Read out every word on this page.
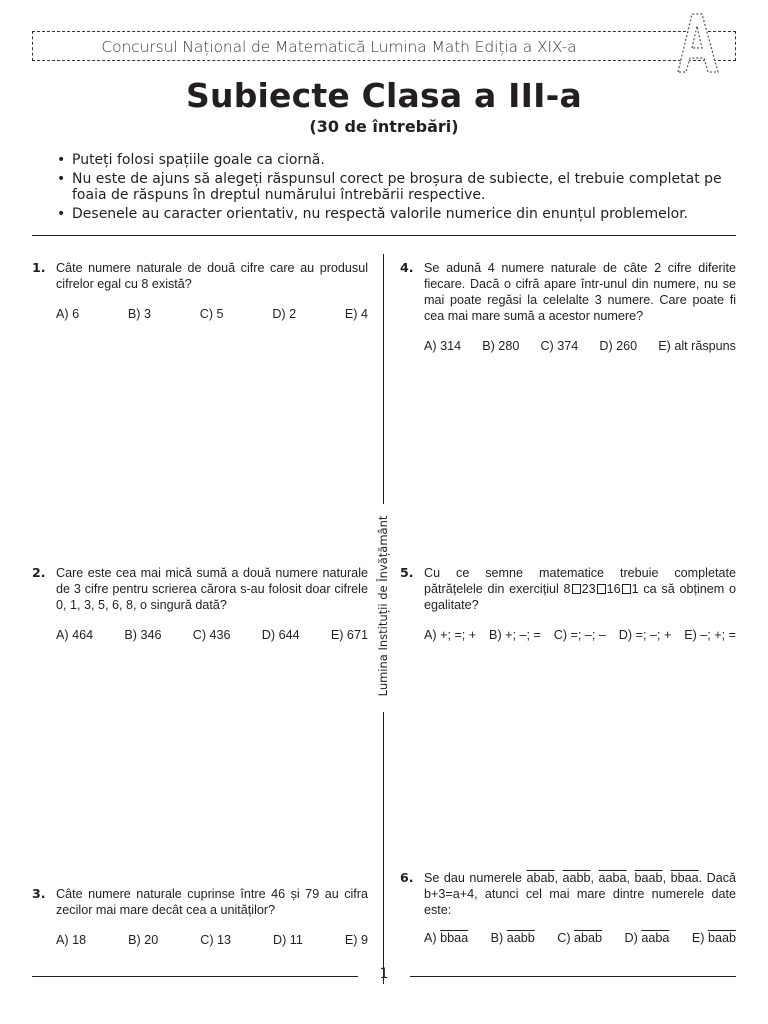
Concursul Național de Matematică Lumina Math Ediția a XIX-a
Subiecte Clasa a III-a
(30 de întrebări)
• Puteți folosi spațiile goale ca ciornă.
• Nu este de ajuns să alegeți răspunsul corect pe broșura de subiecte, el trebuie completat pe foaia de răspuns în dreptul numărului întrebării respective.
• Desenele au caracter orientativ, nu respectă valorile numerice din enunțul problemelor.
Lumina Instituții de Învățământ
1. Câte numere naturale de două cifre care au produsul cifrelor egal cu 8 există?

A) 6	B) 3	C) 5	D) 2	E) 4
2. Care este cea mai mică sumă a două numere naturale de 3 cifre pentru scrierea cărora s-au folosit doar cifrele 0, 1, 3, 5, 6, 8, o singură dată?

A) 464 B) 346 C) 436 D) 644 E) 671
3. Câte numere naturale cuprinse între 46 și 79 au cifra zecilor mai mare decât cea a unităților?

A) 18	B) 20	C) 13	D) 11	E) 9
4. Se adună 4 numere naturale de câte 2 cifre diferite fiecare. Dacă o cifră apare într-unul din numere, nu se mai poate regăsi la celelalte 3 numere. Care poate fi cea mai mare sumă a acestor numere?

A) 314 B) 280 C) 374 D) 260 E) alt răspuns
5. Cu ce semne matematice trebuie completate pătrățelele din exercițiul 8 23 16 1 ca să obținem o egalitate?

A) +; =; + B) +; –; = C) =; –; – D) =; –; + E) –; +; =
6. Se dau numerele abab, aabb, aaba, baab, bbaa. Dacă b+3=a+4, atunci cel mai mare dintre numerele date este:

A) bbaa B) aabb C) abab D) aaba E) baab
1
